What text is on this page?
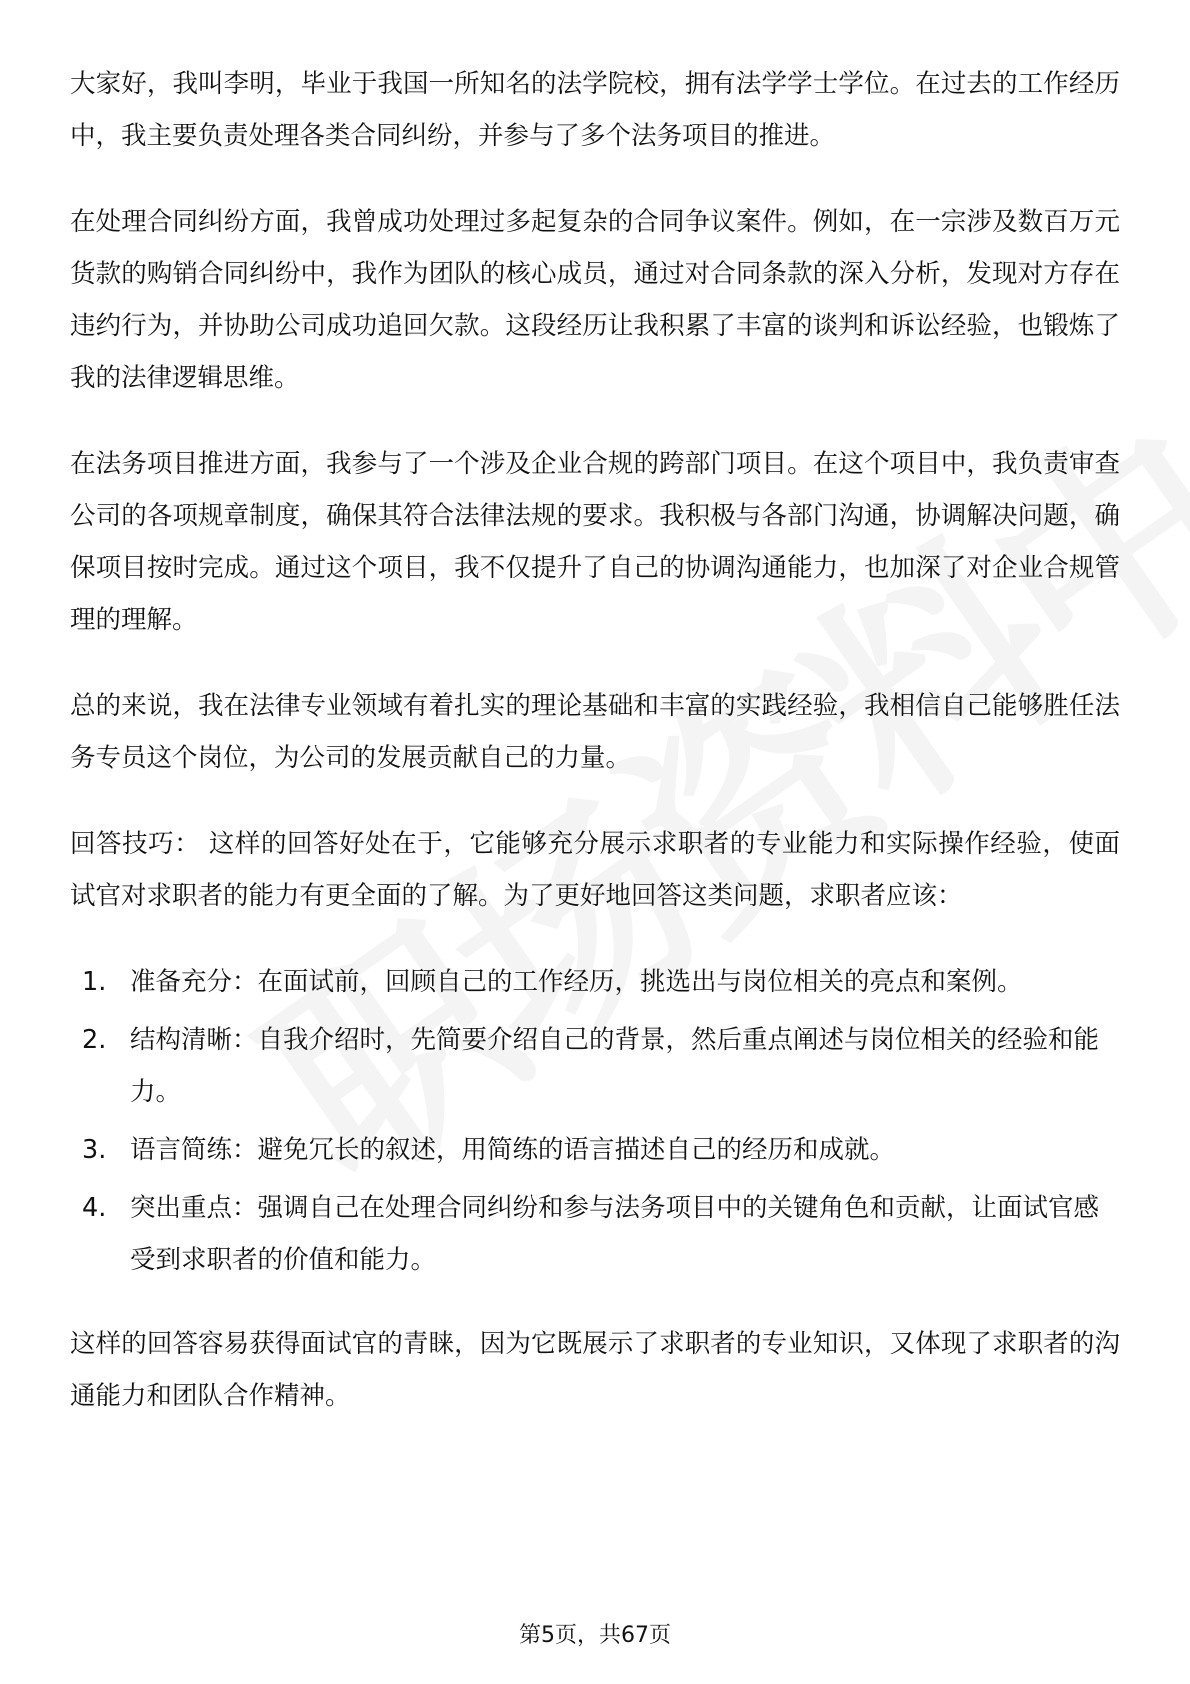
大家好，我叫李明，毕业于我国一所知名的法学院校，拥有法学学士学位。在过去的工作经历中，我主要负责处理各类合同纠纷，并参与了多个法务项目的推进。

在处理合同纠纷方面，我曾成功处理过多起复杂的合同争议案件。例如，在一宗涉及数百万元货款的购销合同纠纷中，我作为团队的核心成员，通过对合同条款的深入分析，发现对方存在违约行为，并协助公司成功追回欠款。这段经历让我积累了丰富的谈判和诉讼经验，也锻炼了我的法律逻辑思维。

在法务项目推进方面，我参与了一个涉及企业合规的跨部门项目。在这个项目中，我负责审查公司的各项规章制度，确保其符合法律法规的要求。我积极与各部门沟通，协调解决问题，确保项目按时完成。通过这个项目，我不仅提升了自己的协调沟通能力，也加深了对企业合规管理的理解。

总的来说，我在法律专业领域有着扎实的理论基础和丰富的实践经验，我相信自己能够胜任法务专员这个岗位，为公司的发展贡献自己的力量。

回答技巧： 这样的回答好处在于，它能够充分展示求职者的专业能力和实际操作经验，使面试官对求职者的能力有更全面的了解。为了更好地回答这类问题，求职者应该：

1. 准备充分：在面试前，回顾自己的工作经历，挑选出与岗位相关的亮点和案例。
2. 结构清晰：自我介绍时，先简要介绍自己的背景，然后重点阐述与岗位相关的经验和能力。
3. 语言简练：避免冗长的叙述，用简练的语言描述自己的经历和成就。
4. 突出重点：强调自己在处理合同纠纷和参与法务项目中的关键角色和贡献，让面试官感受到求职者的价值和能力。

这样的回答容易获得面试官的青睐，因为它既展示了求职者的专业知识，又体现了求职者的沟通能力和团队合作精神。

第5页，共67页
